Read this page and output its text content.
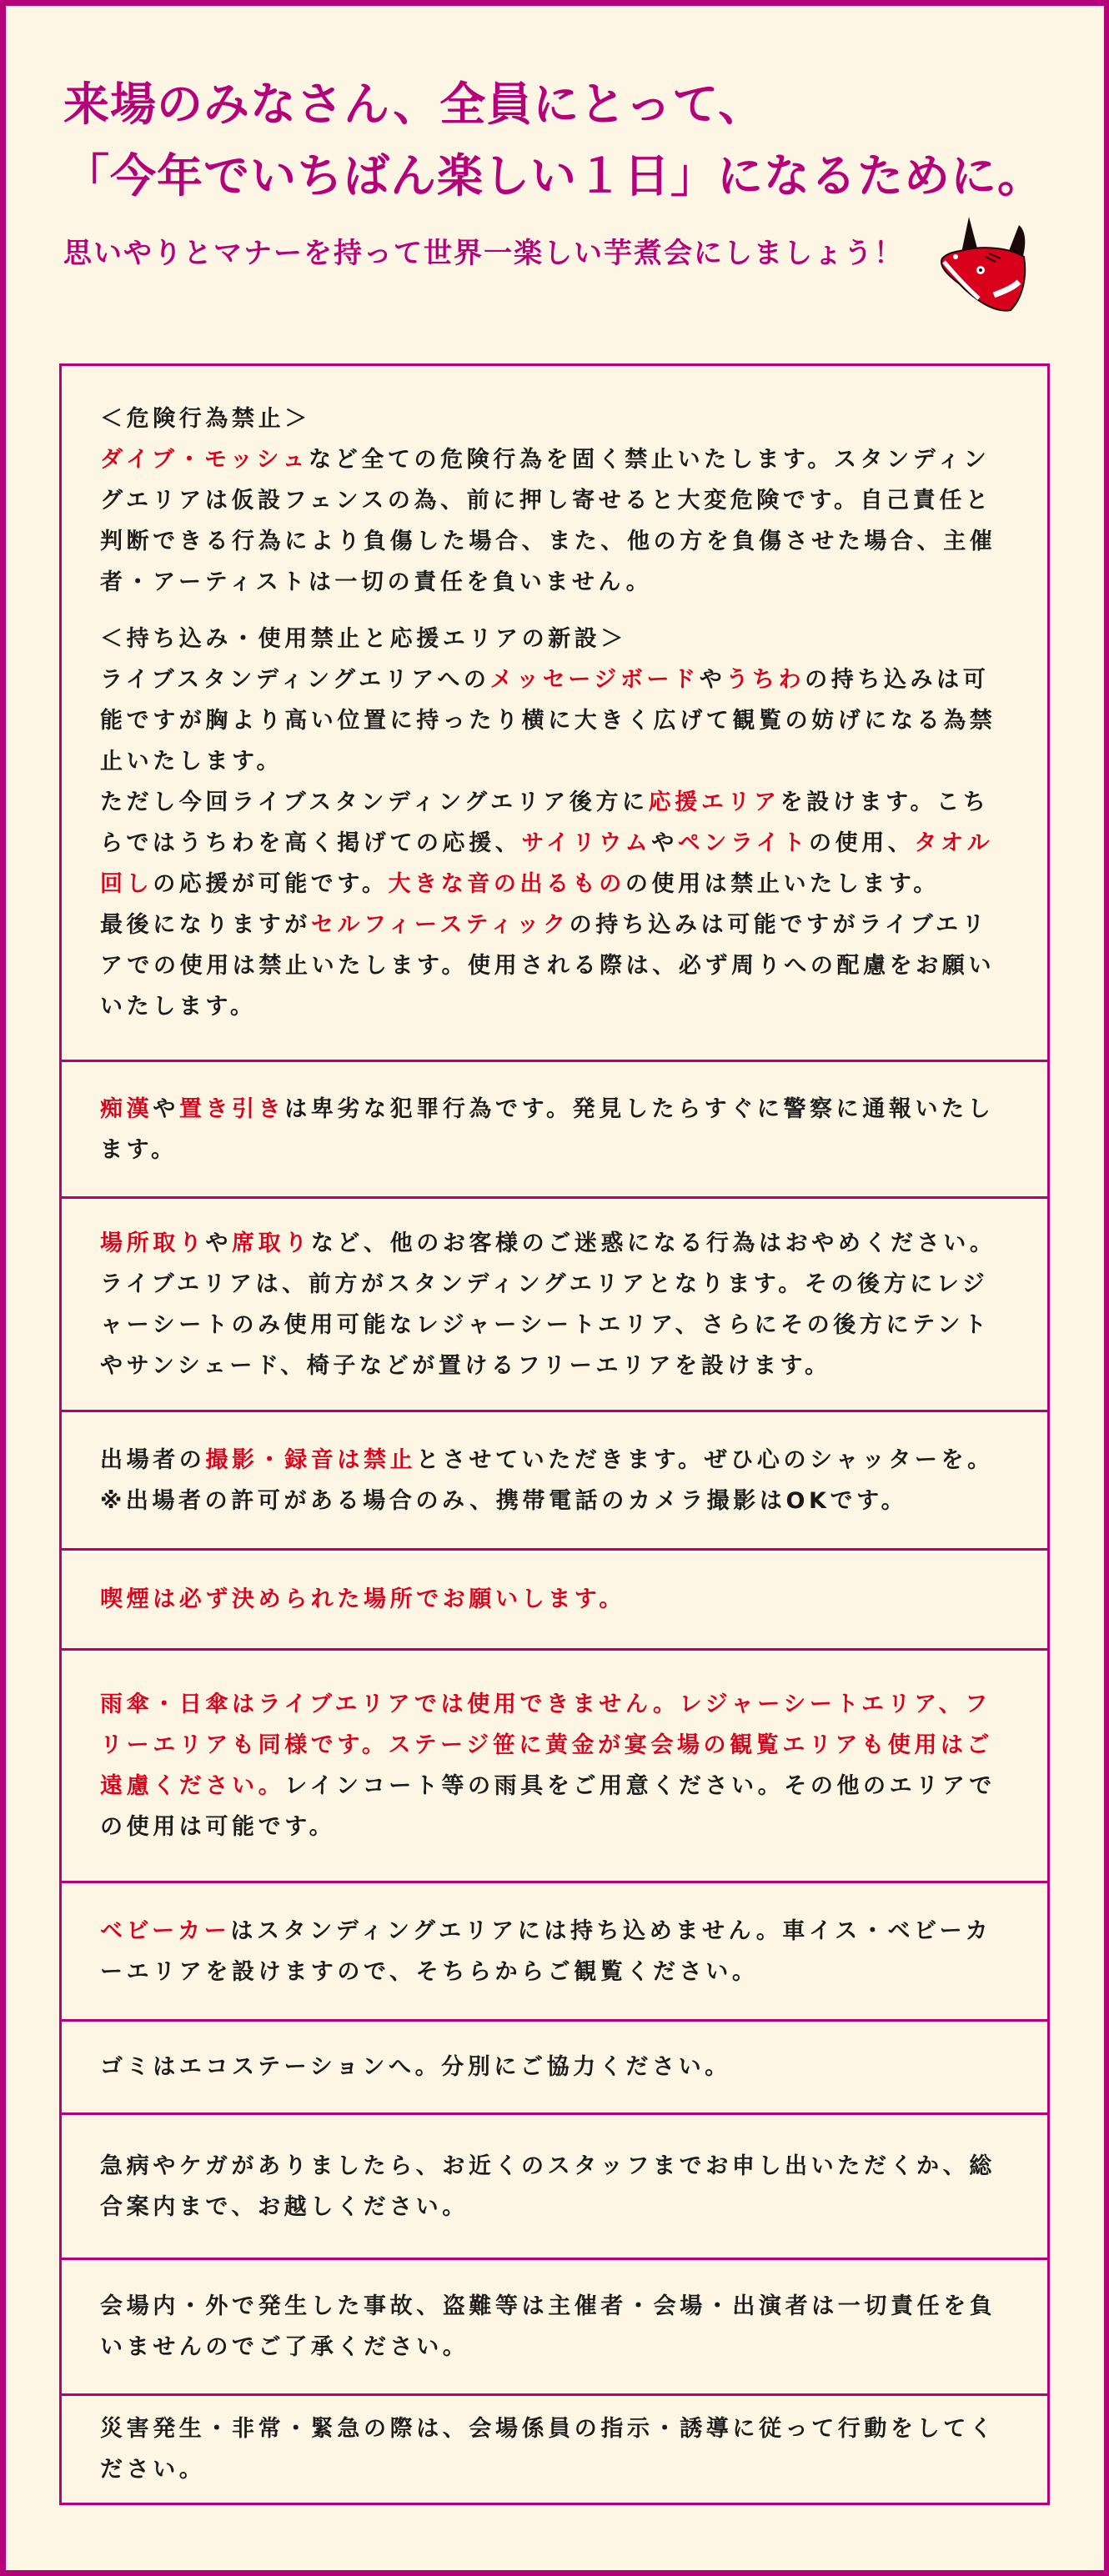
来場のみなさん、全員にとって、
「今年でいちばん楽しい１日」になるために。

思いやりとマナーを持って世界一楽しい芋煮会にしましょう！

＜危険行為禁止＞

ダイブ・モッシュなど全ての危険行為を固く禁止いたします。スタンディングエリアは仮設フェンスの為、前に押し寄せると大変危険です。自己責任と判断できる行為により負傷した場合、また、他の方を負傷させた場合、主催者・アーティストは一切の責任を負いません。

＜持ち込み・使用禁止と応援エリアの新設＞

ライブスタンディングエリアへのメッセージボードやうちわの持ち込みは可能ですが胸より高い位置に持ったり横に大きく広げて観覧の妨げになる為禁止いたします。

ただし今回ライブスタンディングエリア後方に応援エリアを設けます。こちらではうちわを高く掲げての応援、サイリウムやペンライトの使用、タオル回しの応援が可能です。大きな音の出るものの使用は禁止いたします。

最後になりますがセルフィースティックの持ち込みは可能ですがライブエリアでの使用は禁止いたします。使用される際は、必ず周りへの配慮をお願いいたします。

痴漢や置き引きは卑劣な犯罪行為です。発見したらすぐに警察に通報いたします。

場所取りや席取りなど、他のお客様のご迷惑になる行為はおやめください。

ライブエリアは、前方がスタンディングエリアとなります。その後方にレジャーシートのみ使用可能なレジャーシートエリア、さらにその後方にテントやサンシェード、椅子などが置けるフリーエリアを設けます。

出場者の撮影・録音は禁止とさせていただきます。ぜひ心のシャッターを。

※出場者の許可がある場合のみ、携帯電話のカメラ撮影はOKです。

喫煙は必ず決められた場所でお願いします。

雨傘・日傘はライブエリアでは使用できません。レジャーシートエリア、フリーエリアも同様です。ステージ笹に黄金が宴会場の観覧エリアも使用はご遠慮ください。レインコート等の雨具をご用意ください。その他のエリアでの使用は可能です。

ベビーカーはスタンディングエリアには持ち込めません。車イス・ベビーカーエリアを設けますので、そちらからご観覧ください。

ゴミはエコステーションへ。分別にご協力ください。

急病やケガがありましたら、お近くのスタッフまでお申し出いただくか、総合案内まで、お越しください。

会場内・外で発生した事故、盗難等は主催者・会場・出演者は一切責任を負いませんのでご了承ください。

災害発生・非常・緊急の際は、会場係員の指示・誘導に従って行動をしてください。
